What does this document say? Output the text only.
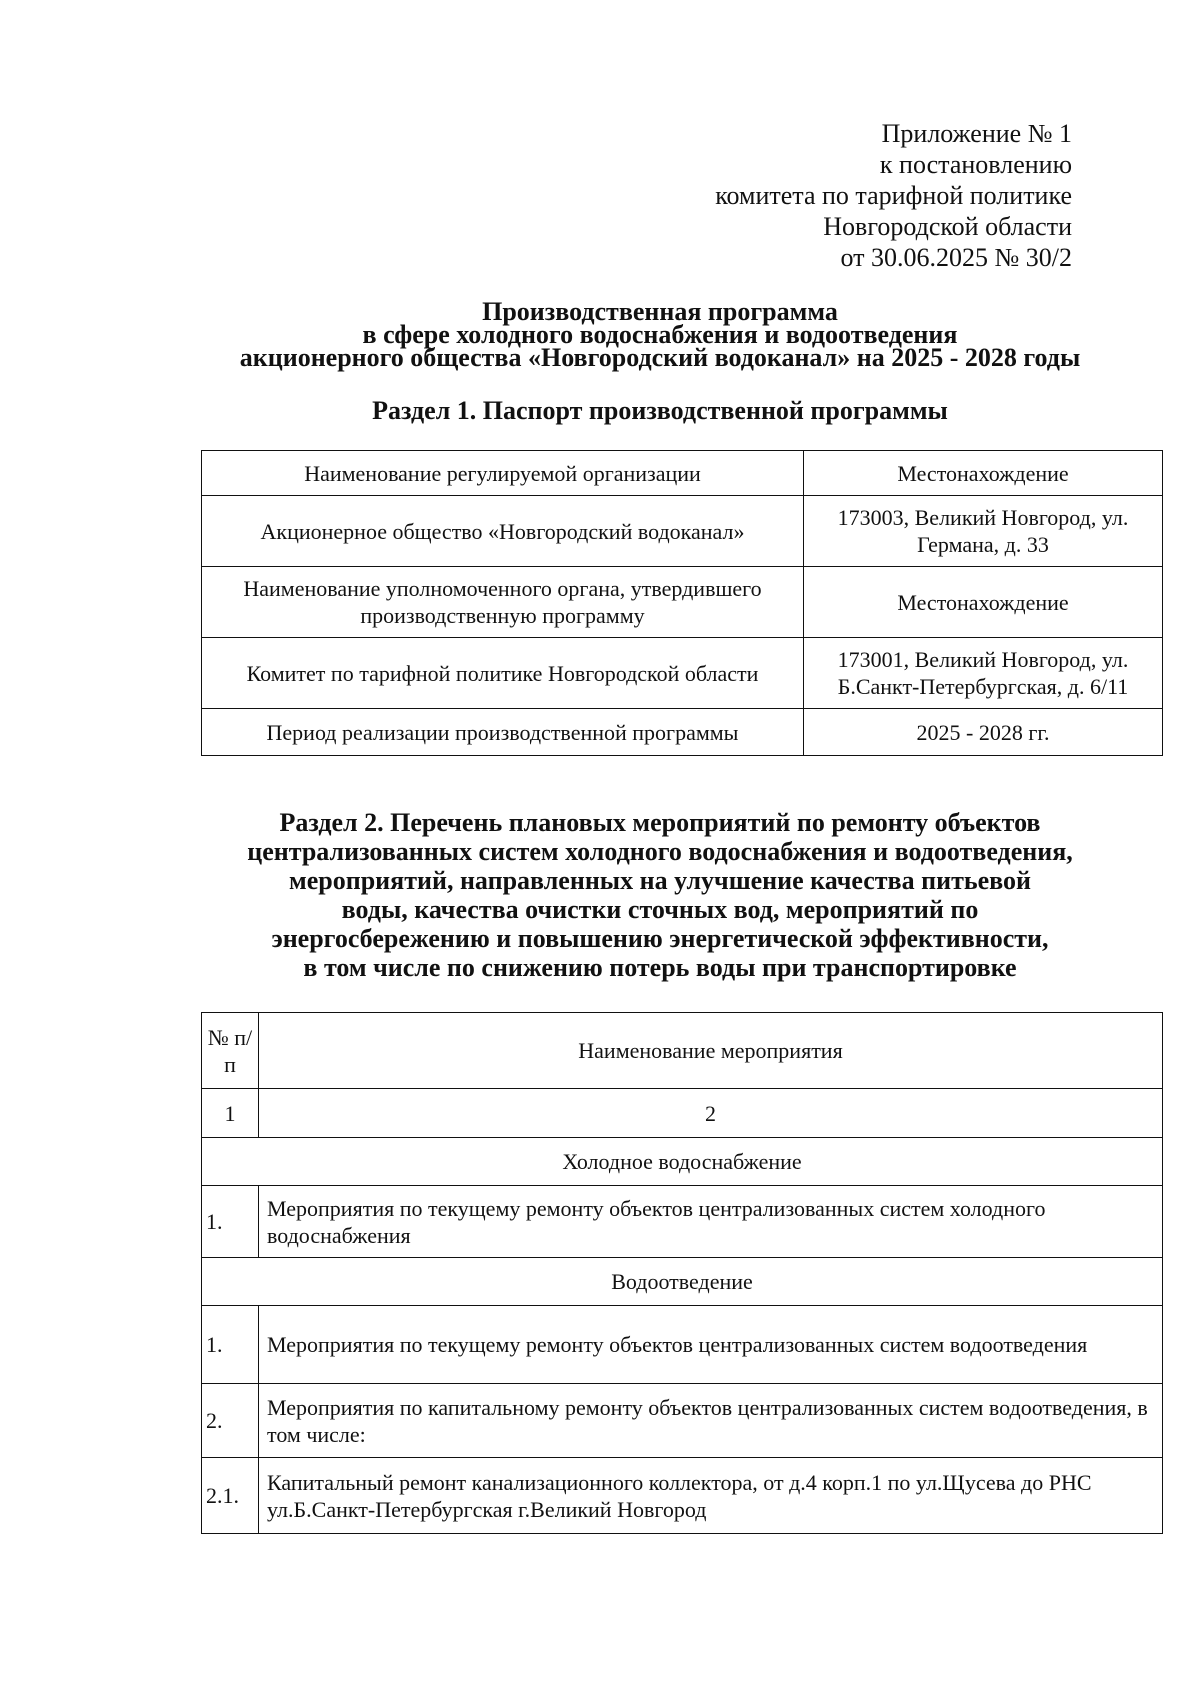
Приложение № 1
к постановлению
комитета по тарифной политике
Новгородской области
от 30.06.2025 № 30/2
Производственная программа
в сфере холодного водоснабжения и водоотведения
акционерного общества «Новгородский водоканал» на 2025 - 2028 годы
Раздел 1. Паспорт производственной программы
Наименование регулируемой организации	Местонахождение
Акционерное общество «Новгородский водоканал»	173003, Великий Новгород, ул. Германа, д. 33
Наименование уполномоченного органа, утвердившего производственную программу	Местонахождение
Комитет по тарифной политике Новгородской области	173001, Великий Новгород, ул. Б.Санкт-Петербургская, д. 6/11
Период реализации производственной программы	2025 - 2028 гг.
Раздел 2. Перечень плановых мероприятий по ремонту объектов
централизованных систем холодного водоснабжения и водоотведения,
мероприятий, направленных на улучшение качества питьевой
воды, качества очистки сточных вод, мероприятий по
энергосбережению и повышению энергетической эффективности,
в том числе по снижению потерь воды при транспортировке
№ п/п	Наименование мероприятия
1	2
Холодное водоснабжение	
1.	Мероприятия по текущему ремонту объектов централизованных систем холодного водоснабжения
Водоотведение	
1.	Мероприятия по текущему ремонту объектов централизованных систем водоотведения
2.	Мероприятия по капитальному ремонту объектов централизованных систем водоотведения, в том числе:
2.1.	Капитальный ремонт канализационного коллектора, от д.4 корп.1 по ул.Щусева до РНС ул.Б.Санкт-Петербургская г.Великий Новгород
